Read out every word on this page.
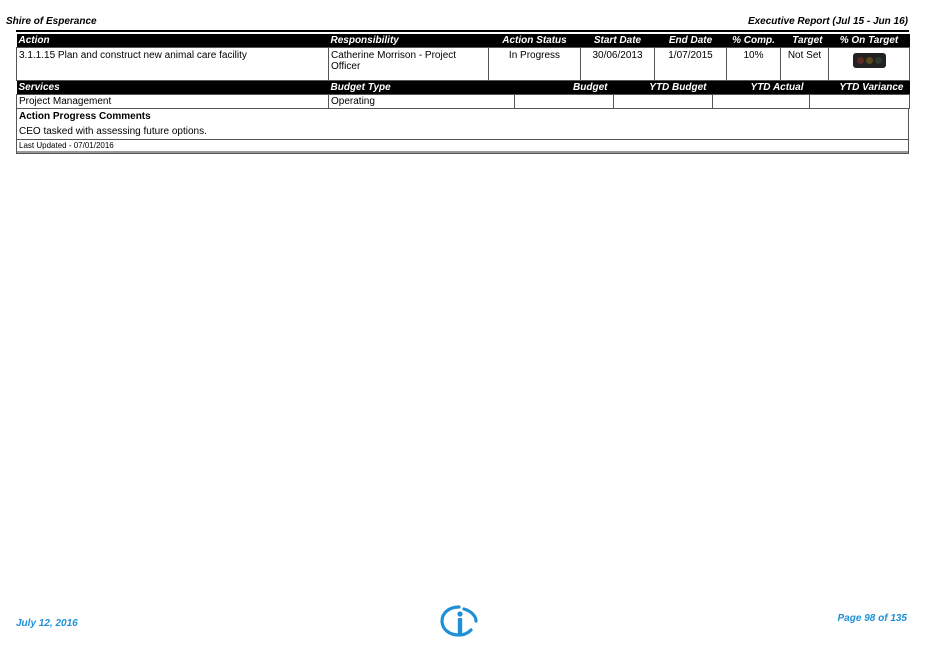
Shire of Esperance	Executive Report (Jul 15 - Jun 16)
Action	Responsibility	Action Status	Start Date	End Date	% Comp.	Target	% On Target
3.1.1.15 Plan and construct new animal care facility	Catherine Morrison - Project Officer	In Progress	30/06/2013	1/07/2015	10%	Not Set	
Services	Budget Type	Budget	YTD Budget	YTD Actual	YTD Variance
Project Management	Operating				
Action Progress Comments
CEO tasked with assessing future options.
Last Updated - 07/01/2016
July 12, 2016	Page 98 of 135
